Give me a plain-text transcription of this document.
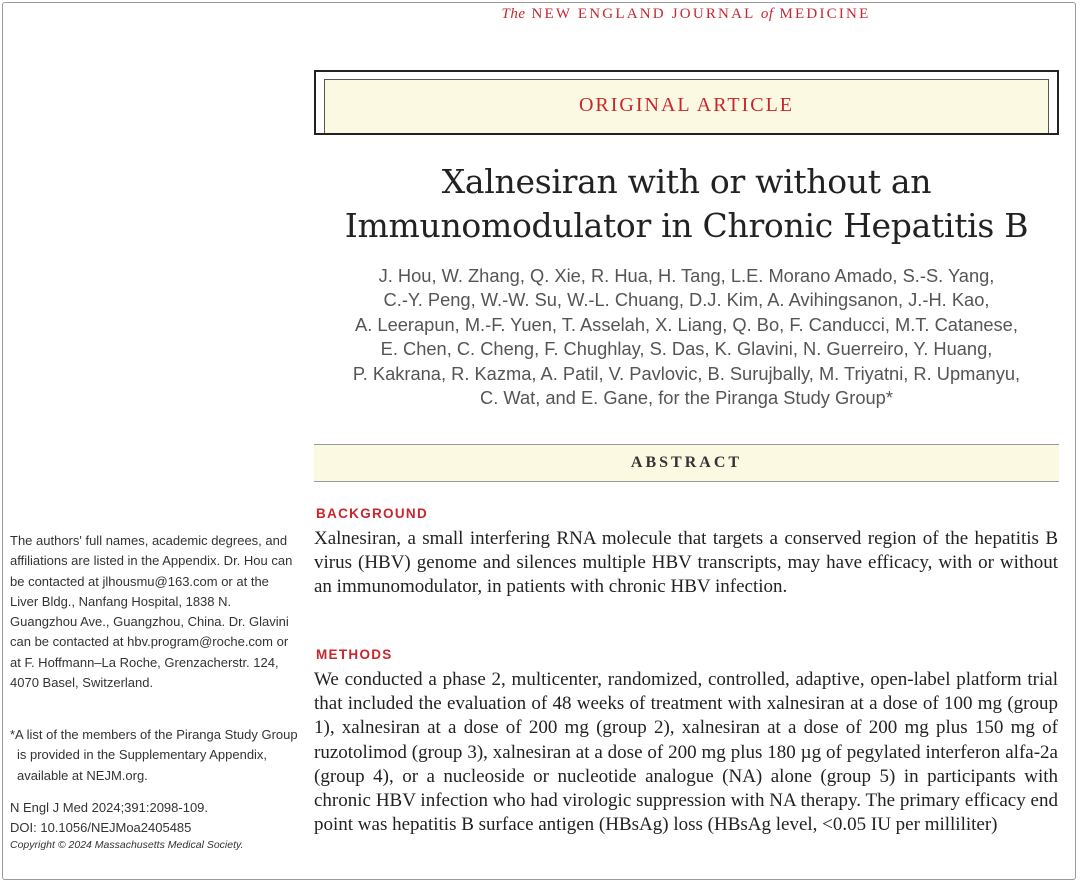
The NEW ENGLAND JOURNAL of MEDICINE
ORIGINAL ARTICLE
Xalnesiran with or without an
Immunomodulator in Chronic Hepatitis B

J. Hou, W. Zhang, Q. Xie, R. Hua, H. Tang, L.E. Morano Amado, S.-S. Yang,
C.-Y. Peng, W.-W. Su, W.-L. Chuang, D.J. Kim, A. Avihingsanon, J.-H. Kao,
A. Leerapun, M.-F. Yuen, T. Asselah, X. Liang, Q. Bo, F. Canducci, M.T. Catanese,
E. Chen, C. Cheng, F. Chughlay, S. Das, K. Glavini, N. Guerreiro, Y. Huang,
P. Kakrana, R. Kazma, A. Patil, V. Pavlovic, B. Surujbally, M. Triyatni, R. Upmanyu,
C. Wat, and E. Gane, for the Piranga Study Group*

ABSTRACT
BACKGROUND

Xalnesiran, a small interfering RNA molecule that targets a conserved region of the hepatitis B virus (HBV) genome and silences multiple HBV transcripts, may have efficacy, with or without an immunomodulator, in patients with chronic HBV infection.

METHODS

We conducted a phase 2, multicenter, randomized, controlled, adaptive, open-label platform trial that included the evaluation of 48 weeks of treatment with xalnesiran at a dose of 100 mg (group 1), xalnesiran at a dose of 200 mg (group 2), xalnesiran at a dose of 200 mg plus 150 mg of ruzotolimod (group 3), xalnesiran at a dose of 200 mg plus 180 µg of pegylated interferon alfa-2a (group 4), or a nucleoside or nucleotide analogue (NA) alone (group 5) in participants with chronic HBV infection who had virologic suppression with NA therapy. The primary efficacy end point was hepatitis B surface antigen (HBsAg) loss (HBsAg level, <0.05 IU per milliliter)

The authors' full names, academic degrees, and affiliations are listed in the Appendix. Dr. Hou can be contacted at jlhousmu@163.com or at the Liver Bldg., Nanfang Hospital, 1838 N. Guangzhou Ave., Guangzhou, China. Dr. Glavini can be contacted at hbv.program@roche.com or at F. Hoffmann–La Roche, Grenzacherstr. 124, 4070 Basel, Switzerland.

*A list of the members of the Piranga Study Group is provided in the Supplementary Appendix, available at NEJM.org.

N Engl J Med 2024;391:2098-109.

DOI: 10.1056/NEJMoa2405485

Copyright © 2024 Massachusetts Medical Society.
